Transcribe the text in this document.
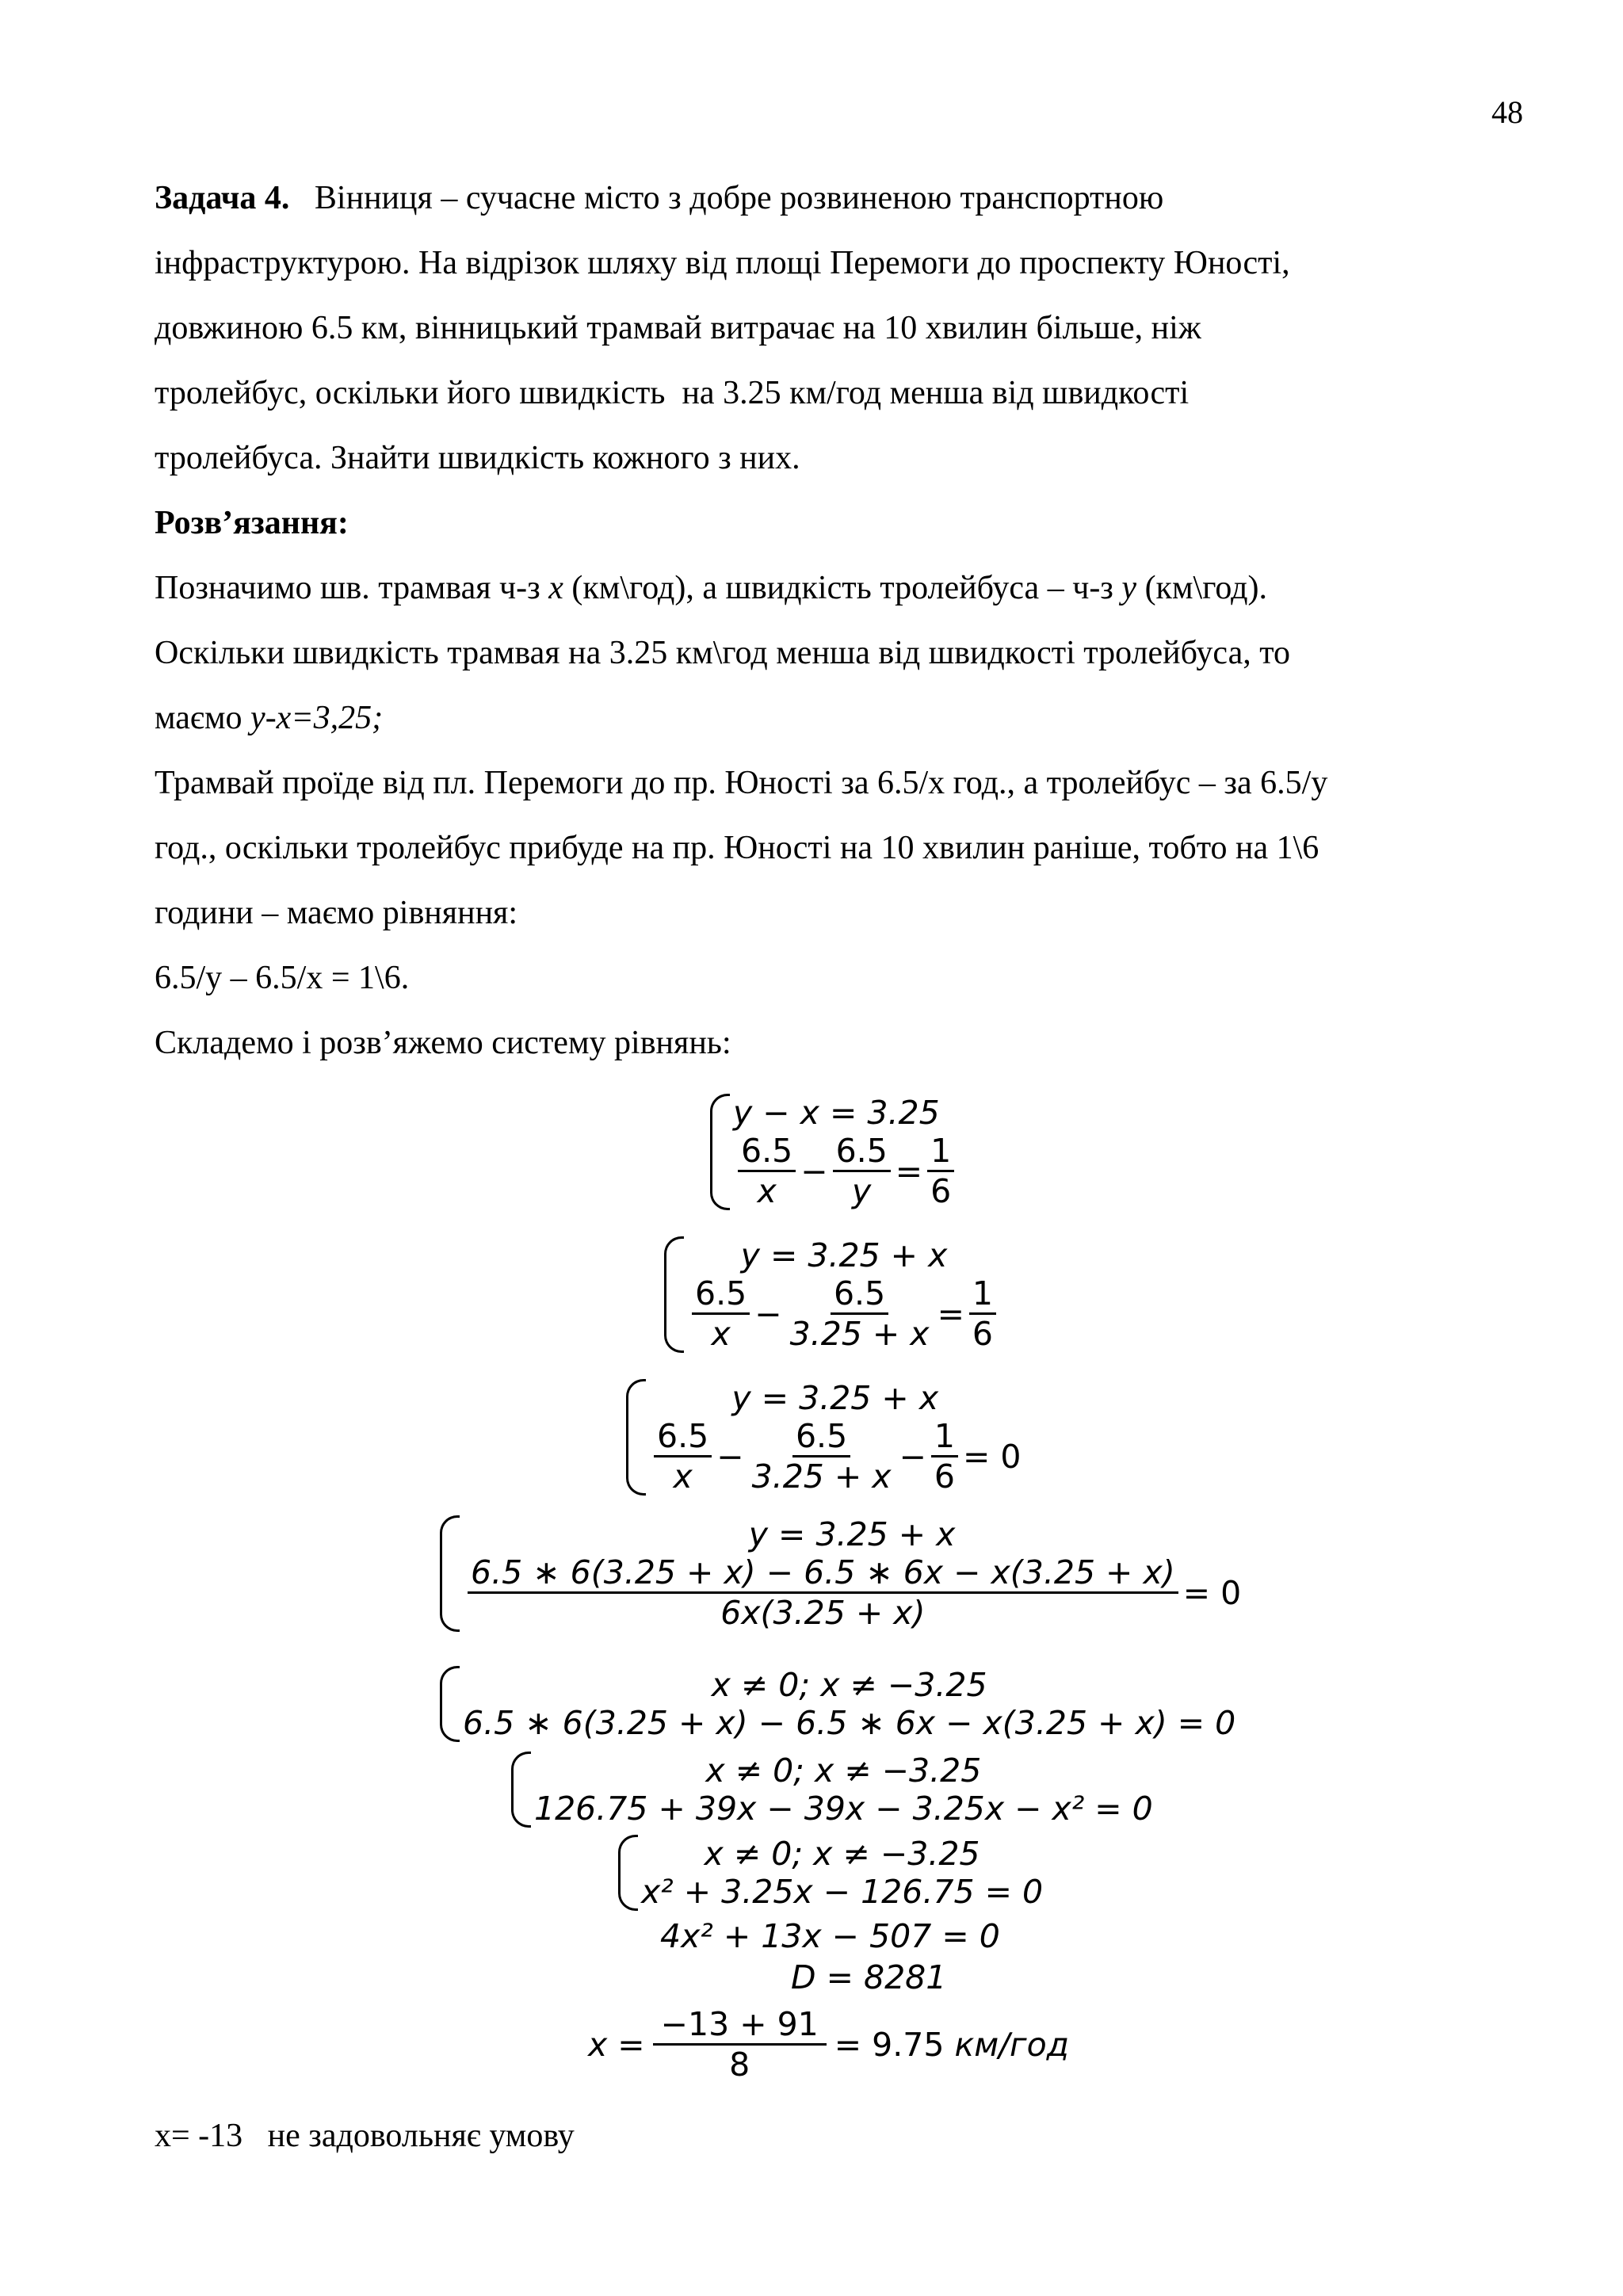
48
Задача 4.   Вінниця – сучасне місто з добре розвиненою транспортною
інфраструктурою. На відрізок шляху від площі Перемоги до проспекту Юності,
довжиною 6.5 км, вінницький трамвай витрачає на 10 хвилин більше, ніж
тролейбус, оскільки його швидкість  на 3.25 км/год менша від швидкості
тролейбуса. Знайти швидкість кожного з них.
Розв’язання:
Позначимо шв. трамвая ч-з х (км\год), а швидкість тролейбуса – ч-з у (км\год).
Оскільки швидкість трамвая на 3.25 км\год менша від швидкості тролейбуса, то
маємо у-х=3,25;
Трамвай проїде від пл. Перемоги до пр. Юності за 6.5/х год., а тролейбус – за 6.5/у
год., оскільки тролейбус прибуде на пр. Юності на 10 хвилин раніше, тобто на 1\6
години – маємо рівняння:
6.5/у – 6.5/х = 1\6.
Складемо і розв’яжемо систему рівнянь:
y − x = 3.25
$\frac{6.5}{x} - \frac{6.5}{y} = \frac{1}{6}$
y = 3.25 + x
$\frac{6.5}{x} - \frac{6.5}{3.25 + x} = \frac{1}{6}$
y = 3.25 + x
$\frac{6.5}{x} - \frac{6.5}{3.25 + x} - \frac{1}{6} = 0$
y = 3.25 + x
$\frac{6.5 ∗ 6(3.25 + x) - 6.5 ∗ 6x - x(3.25 + x)}{6x(3.25 + x)} = 0$
x ≠ 0; x ≠ −3.25
6.5 ∗ 6(3.25 + x) − 6.5 ∗ 6x − x(3.25 + x) = 0
x ≠ 0; x ≠ −3.25
126.75 + 39x − 39x − 3.25x − x² = 0
x ≠ 0; x ≠ −3.25
x² + 3.25x − 126.75 = 0
4x² + 13x − 507 = 0
D = 8281
$x = \frac{-13 + 91}{8} = 9.75$
км/год
х= -13   не задовольняє умову
